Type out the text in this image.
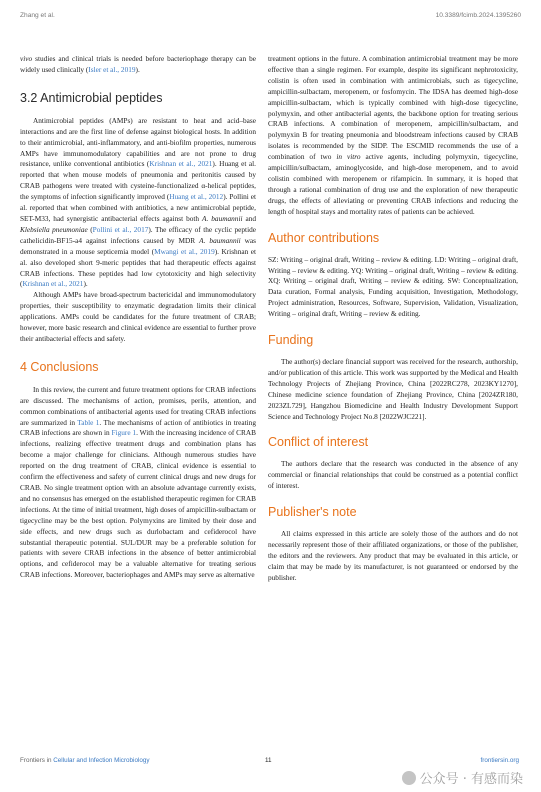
Zhang et al.	10.3389/fcimb.2024.1395260

vivo studies and clinical trials is needed before bacteriophage therapy can be widely used clinically (Isler et al., 2019).

3.2 Antimicrobial peptides

Antimicrobial peptides (AMPs) are resistant to heat and acid–base interactions and are the first line of defense against biological hosts. In addition to their antimicrobial, anti-inflammatory, and anti-biofilm properties, numerous AMPs have immunomodulatory capabilities and are not prone to drug resistance, unlike conventional antibiotics (Krishnan et al., 2021). Huang et al. reported that when mouse models of pneumonia and peritonitis caused by CRAB pathogens were treated with cysteine-functionalized α-helical peptides, the symptoms of infection significantly improved (Huang et al., 2012). Pollini et al. reported that when combined with antibiotics, a new antimicrobial peptide, SET-M33, had synergistic antibacterial effects against both A. baumannii and Klebsiella pneumoniae (Pollini et al., 2017). The efficacy of the cyclic peptide cathelicidin-BF15-a4 against infections caused by MDR A. baumannii was demonstrated in a mouse septicemia model (Mwangi et al., 2019). Krishnan et al. also developed short 9-meric peptides that had therapeutic effects against CRAB infections. These peptides had low cytotoxicity and high selectivity (Krishnan et al., 2021).

Although AMPs have broad-spectrum bactericidal and immunomodulatory properties, their susceptibility to enzymatic degradation limits their clinical applications. AMPs could be candidates for the future treatment of CRAB; however, more basic research and clinical evidence are essential to further prove their antibacterial effects and safety.

4 Conclusions

In this review, the current and future treatment options for CRAB infections are discussed. The mechanisms of action, promises, perils, attention, and common combinations of antibacterial agents used for treating CRAB infections are summarized in Table 1. The mechanisms of action of antibiotics in treating CRAB infections are shown in Figure 1. With the increasing incidence of CRAB infections, realizing effective treatment drugs and combination plans has become a major challenge for clinicians. Although numerous studies have reported on the drug treatment of CRAB, clinical evidence is essential to confirm the effectiveness and safety of current clinical drugs and new drugs for CRAB. No single treatment option with an absolute advantage currently exists, and no consensus has emerged on the established therapeutic regimen for CRAB infections. At the time of initial treatment, high doses of ampicillin-sulbactam or tigecycline may be the best option. Polymyxins are limited by their dose and side effects, and new drugs such as durlobactam and cefiderocol have substantial therapeutic potential. SUL/DUR may be a preferable solution for patients with severe CRAB infections in the absence of better antimicrobial options, and cefiderocol may be a valuable alternative for treating serious CRAB infections. Moreover, bacteriophages and AMPs may serve as alternative

treatment options in the future. A combination antimicrobial treatment may be more effective than a single regimen. For example, despite its significant nephrotoxicity, colistin is often used in combination with antimicrobials, such as tigecycline, ampicillin-sulbactam, meropenem, or fosfomycin. The IDSA has deemed high-dose ampicillin-sulbactam, which is typically combined with high-dose tigecycline, polymyxin, and other antibacterial agents, the backbone option for treating serious CRAB infections. A combination of meropenem, ampicillin/sulbactam, and polymyxin B for treating pneumonia and bloodstream infections caused by CRAB isolates is recommended by the SIDP. The ESCMID recommends the use of a combination of two in vitro active agents, including polymyxin, tigecycline, ampicillin/sulbactam, aminoglycoside, and high-dose meropenem, and to avoid colistin combined with meropenem or rifampicin. In summary, it is hoped that through a rational combination of drug use and the exploration of new therapeutic drugs, the effects of alleviating or preventing CRAB infections and reducing the length of hospital stays and mortality rates of patients can be achieved.

Author contributions

SZ: Writing – original draft, Writing – review & editing. LD: Writing – original draft, Writing – review & editing. YQ: Writing – original draft, Writing – review & editing. XQ: Writing – original draft, Writing – review & editing. SW: Conceptualization, Data curation, Formal analysis, Funding acquisition, Investigation, Methodology, Project administration, Resources, Software, Supervision, Validation, Visualization, Writing – original draft, Writing – review & editing.

Funding

The author(s) declare financial support was received for the research, authorship, and/or publication of this article. This work was supported by the Medical and Health Technology Projects of Zhejiang Province, China [2022RC278, 2023KY1270], Chinese medicine science foundation of Zhejiang Province, China [2024ZR180, 2023ZL729], Hangzhou Biomedicine and Health Industry Development Support Science and Technology Project No.8 [2022WJC221].

Conflict of interest

The authors declare that the research was conducted in the absence of any commercial or financial relationships that could be construed as a potential conflict of interest.

Publisher's note

All claims expressed in this article are solely those of the authors and do not necessarily represent those of their affiliated organizations, or those of the publisher, the editors and the reviewers. Any product that may be evaluated in this article, or claim that may be made by its manufacturer, is not guaranteed or endorsed by the publisher.

Frontiers in Cellular and Infection Microbiology	11	frontiersin.org
公众号 · 有感而染
